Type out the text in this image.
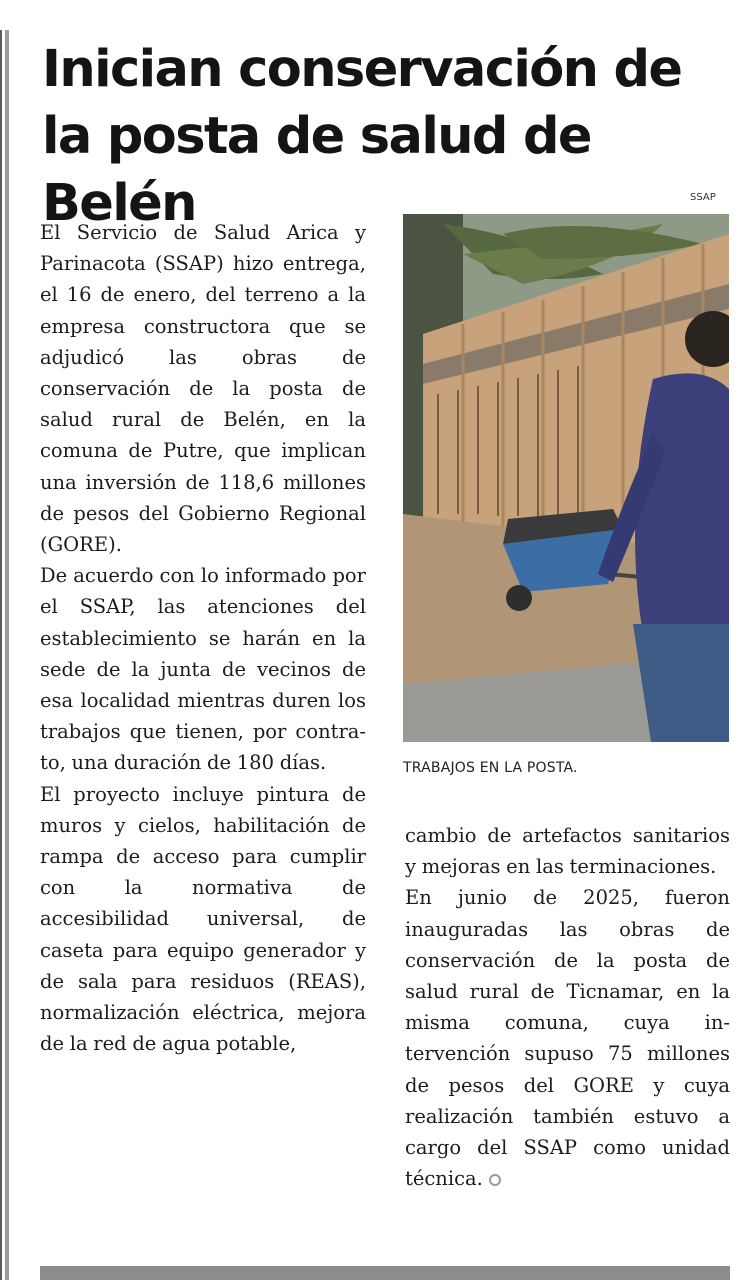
Inician conservación de la posta de salud de Belén	SSAP
TRABAJOS EN LA POSTA.

El Servicio de Salud Arica y Parinacota (SSAP) hizo entrega, el 16 de enero, del terreno a la empresa constructora que se adjudicó las obras de conservación de la posta de salud rural de Belén, en la comuna de Putre, que implican una inversión de 118,6 millones de pesos del Gobierno Regional (GORE).

De acuerdo con lo informado por el SSAP, las atenciones del establecimiento se harán en la sede de la junta de vecinos de esa localidad mientras duren los trabajos que tienen, por contrato, una duración de 180 días.

El proyecto incluye pintura de muros y cielos, habilitación de rampa de acceso para cumplir con la normativa de accesibilidad universal, de caseta para equipo generador y de sala para residuos (REAS), normalización eléctrica, mejora de la red de agua potable,

cambio de artefactos sanitarios y mejoras en las terminaciones.

En junio de 2025, fueron inauguradas las obras de conservación de la posta de salud rural de Ticnamar, en la misma comuna, cuya intervención supuso 75 millones de pesos del GORE y cuya realización también estuvo a cargo del SSAP como unidad técnica.
